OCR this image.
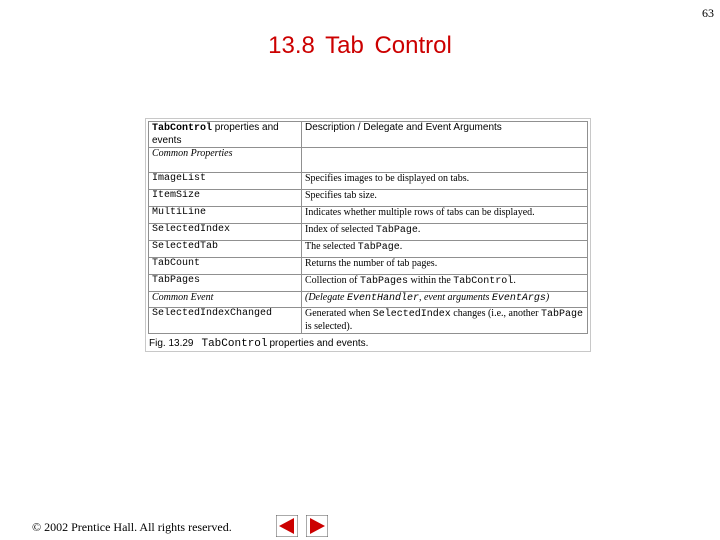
63
13.8 Tab Control
TabControl properties and events	Description / Delegate and Event Arguments
Common Properties	
ImageList	Specifies images to be displayed on tabs.
ItemSize	Specifies tab size.
MultiLine	Indicates whether multiple rows of tabs can be displayed.
SelectedIndex	Index of selected TabPage.
SelectedTab	The selected TabPage.
TabCount	Returns the number of tab pages.
TabPages	Collection of TabPages within the TabControl.
Common Event	(Delegate EventHandler, event arguments EventArgs)
SelectedIndexChanged	Generated when SelectedIndex changes (i.e., another TabPage is selected).
Fig. 13.29 TabControl properties and events.
© 2002 Prentice Hall. All rights reserved.
